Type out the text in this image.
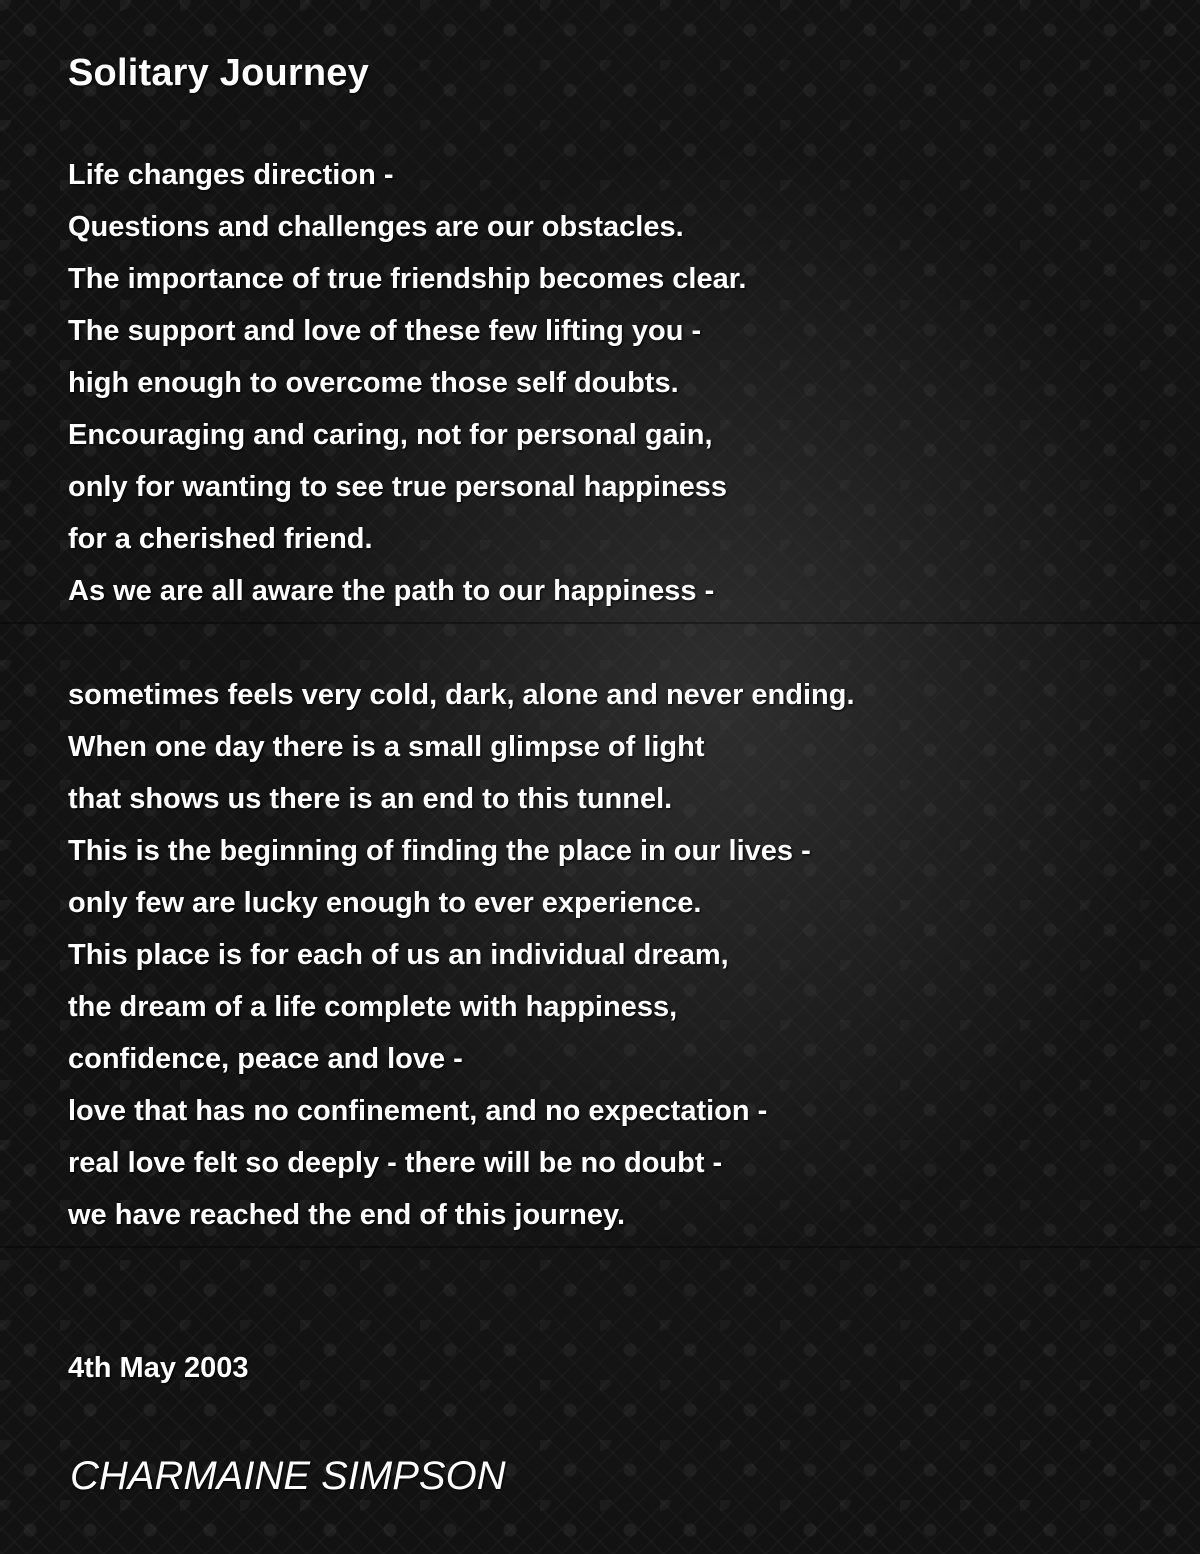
Solitary Journey
Life changes direction -
Questions and challenges are our obstacles.
The importance of true friendship becomes clear.
The support and love of these few lifting you -
high enough to overcome those self doubts.
Encouraging and caring, not for personal gain,
only for wanting to see true personal happiness
for a cherished friend.
As we are all aware the path to our happiness -
sometimes feels very cold, dark, alone and never ending.
When one day there is a small glimpse of light
that shows us there is an end to this tunnel.
This is the beginning of finding the place in our lives -
only few are lucky enough to ever experience.
This place is for each of us an individual dream,
the dream of a life complete with happiness,
confidence, peace and love -
love that has no confinement, and no expectation -
real love felt so deeply - there will be no doubt -
we have reached the end of this journey.
4th May 2003
CHARMAINE SIMPSON
